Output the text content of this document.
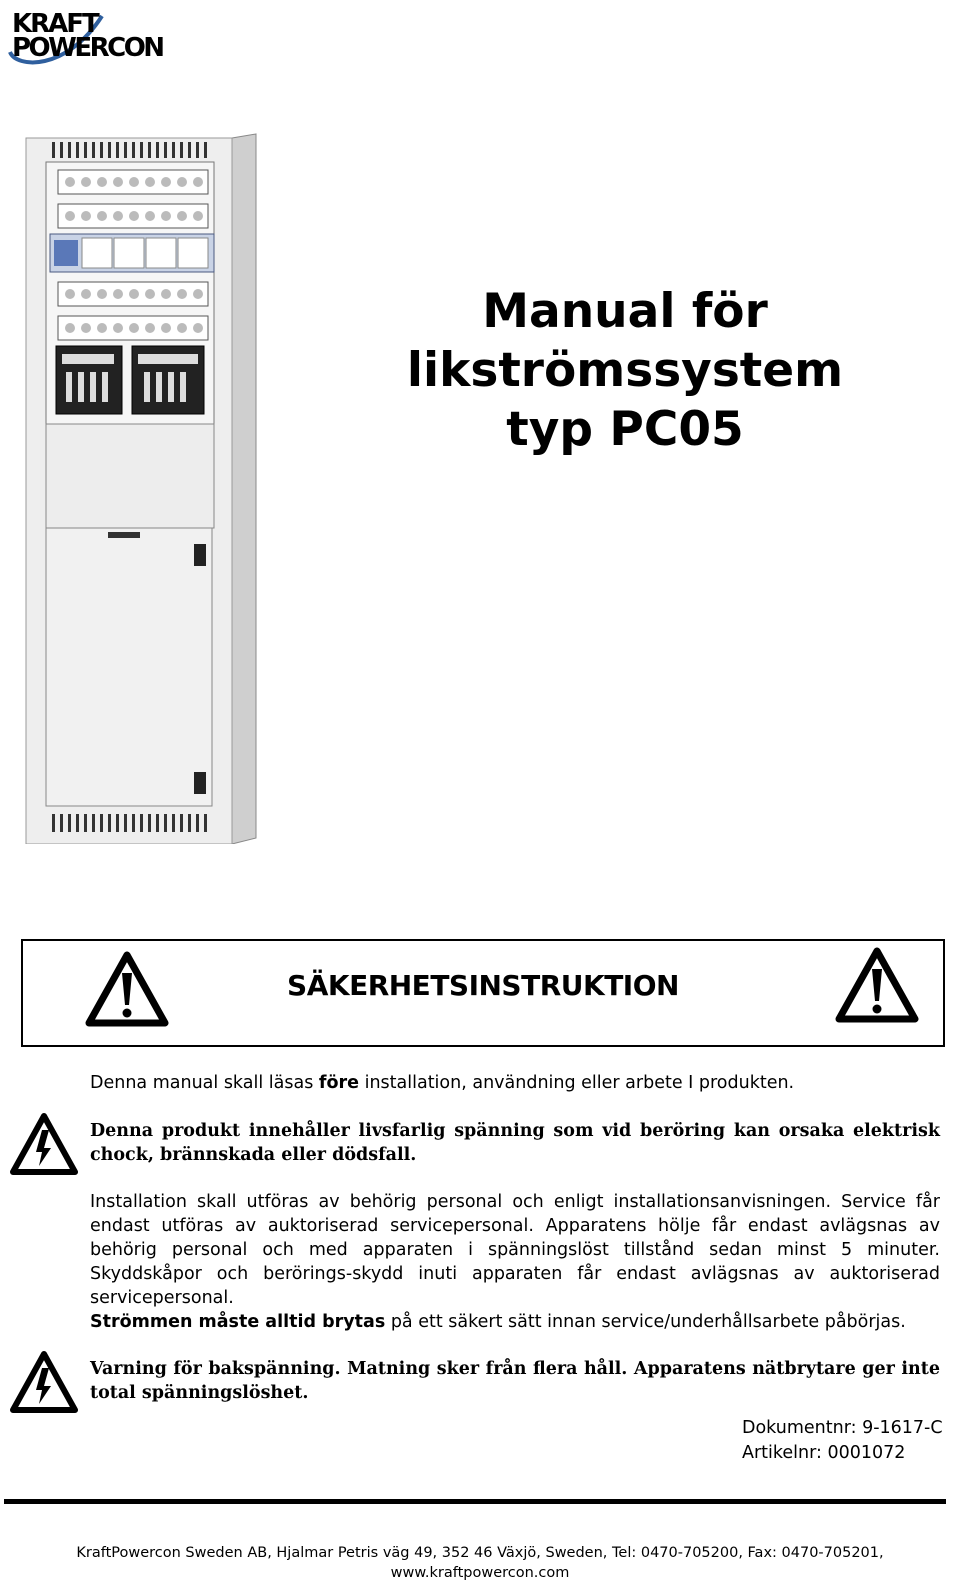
KRAFT
POWERCON
Manual för
likströmssystem
typ PC05
SÄKERHETSINSTRUKTION
Denna manual skall läsas före installation, användning eller arbete I produkten.
Denna produkt innehåller livsfarlig spänning som vid beröring kan orsaka elektrisk chock, brännskada eller dödsfall.
Installation skall utföras av behörig personal och enligt installationsanvisningen. Service får endast utföras av auktoriserad servicepersonal. Apparatens hölje får endast avlägsnas av behörig personal och med apparaten i spänningslöst tillstånd sedan minst 5 minuter. Skyddskåpor och berörings-skydd inuti apparaten får endast avlägsnas av auktoriserad servicepersonal.
Strömmen måste alltid brytas på ett säkert sätt innan service/underhållsarbete påbörjas.
Varning för bakspänning. Matning sker från flera håll. Apparatens nätbrytare ger inte total spänningslöshet.
Dokumentnr: 9-1617-C
Artikelnr: 0001072
KraftPowercon Sweden AB, Hjalmar Petris väg 49, 352 46 Växjö, Sweden, Tel: 0470-705200, Fax: 0470-705201,
www.kraftpowercon.com
